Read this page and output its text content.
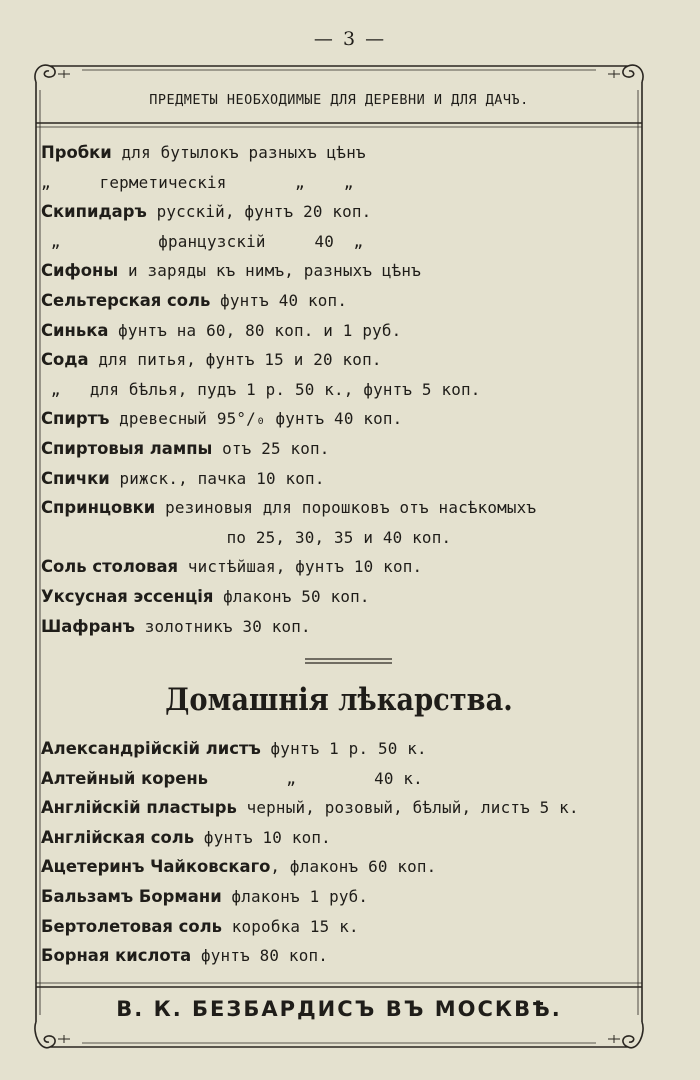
— 3 —
ПРЕДМЕТЫ НЕОБХОДИМЫЕ ДЛЯ ДЕРЕВНИ И ДЛЯ ДАЧЪ.
Пробки для бутылокъ разныхъ цѣнъ
„     герметическія       „    „
Скипидаръ русскій, фунтъ 20 коп.
„          французскій     40  „
Сифоны и заряды къ нимъ, разныхъ цѣнъ
Сельтерская соль фунтъ 40 коп.
Синька фунтъ на 60, 80 коп. и 1 руб.
Сода для питья, фунтъ 15 и 20 коп.
„   для бѣлья, пудъ 1 р. 50 к., фунтъ 5 коп.
Спиртъ древесный 95°/₀ фунтъ 40 коп.
Спиртовыя лампы отъ 25 коп.
Спички рижск., пачка 10 коп.
Спринцовки резиновыя для порошковъ отъ насѣкомыхъ
по 25, 30, 35 и 40 коп.
Соль столовая чистѣйшая, фунтъ 10 коп.
Уксусная эссенція флаконъ 50 коп.
Шафранъ золотникъ 30 коп.
Домашнія лѣкарства.
Александрійскій листъ фунтъ 1 р. 50 к.
Алтейный корень        „        40 к.
Англійскій пластырь черный, розовый, бѣлый, листъ 5 к.
Англійская соль фунтъ 10 коп.
Ацетеринъ Чайковскаго, флаконъ 60 коп.
Бальзамъ Бормани флаконъ 1 руб.
Бертолетовая соль коробка 15 к.
Борная кислота фунтъ 80 коп.
В. К. БЕЗБАРДИСЪ ВЪ МОСКВѢ.
